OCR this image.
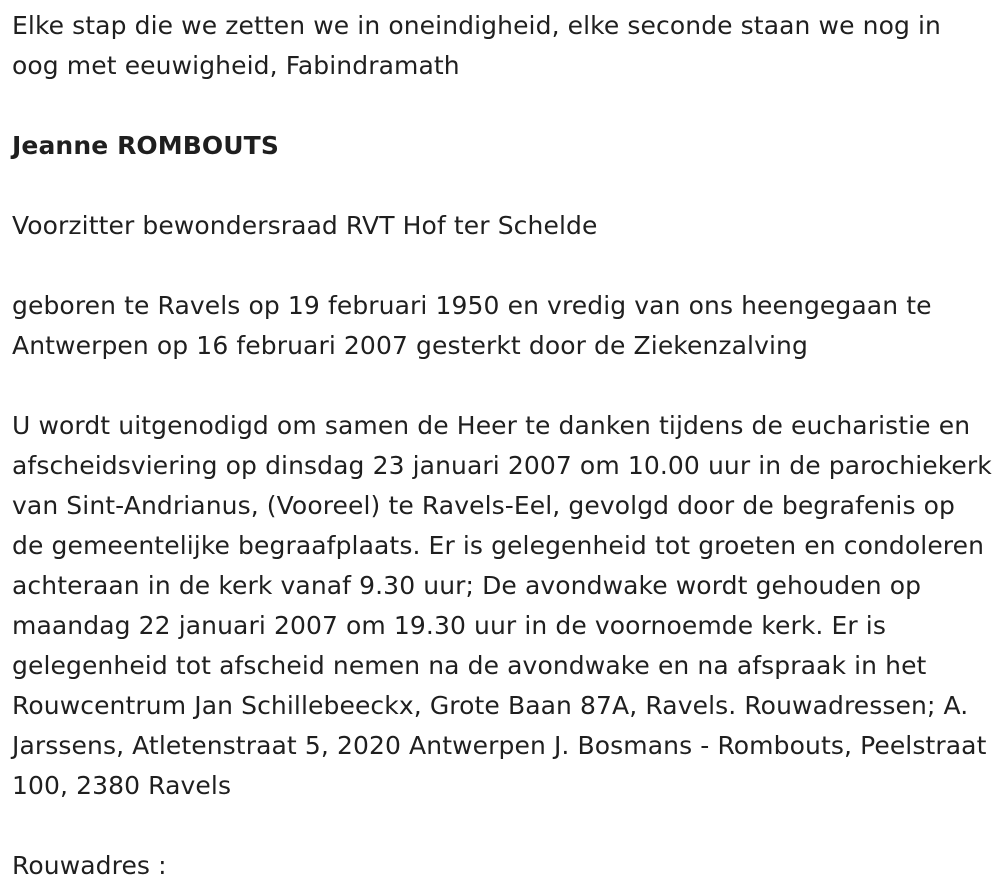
Elke stap die we zetten we in oneindigheid, elke seconde staan we nog in oog met eeuwigheid, Fabindramath

Jeanne ROMBOUTS

Voorzitter bewondersraad RVT Hof ter Schelde

geboren te Ravels op 19 februari 1950 en vredig van ons heengegaan te Antwerpen op 16 februari 2007 gesterkt door de Ziekenzalving

U wordt uitgenodigd om samen de Heer te danken tijdens de eucharistie en afscheidsviering op dinsdag 23 januari 2007 om 10.00 uur in de parochiekerk van Sint-Andrianus, (Vooreel) te Ravels-Eel, gevolgd door de begrafenis op de gemeentelijke begraafplaats. Er is gelegenheid tot groeten en condoleren achteraan in de kerk vanaf 9.30 uur; De avondwake wordt gehouden op maandag 22 januari 2007 om 19.30 uur in de voornoemde kerk. Er is gelegenheid tot afscheid nemen na de avondwake en na afspraak in het Rouwcentrum Jan Schillebeeckx, Grote Baan 87A, Ravels. Rouwadressen; A. Jarssens, Atletenstraat 5, 2020 Antwerpen J. Bosmans - Rombouts, Peelstraat 100, 2380 Ravels

Rouwadres :
